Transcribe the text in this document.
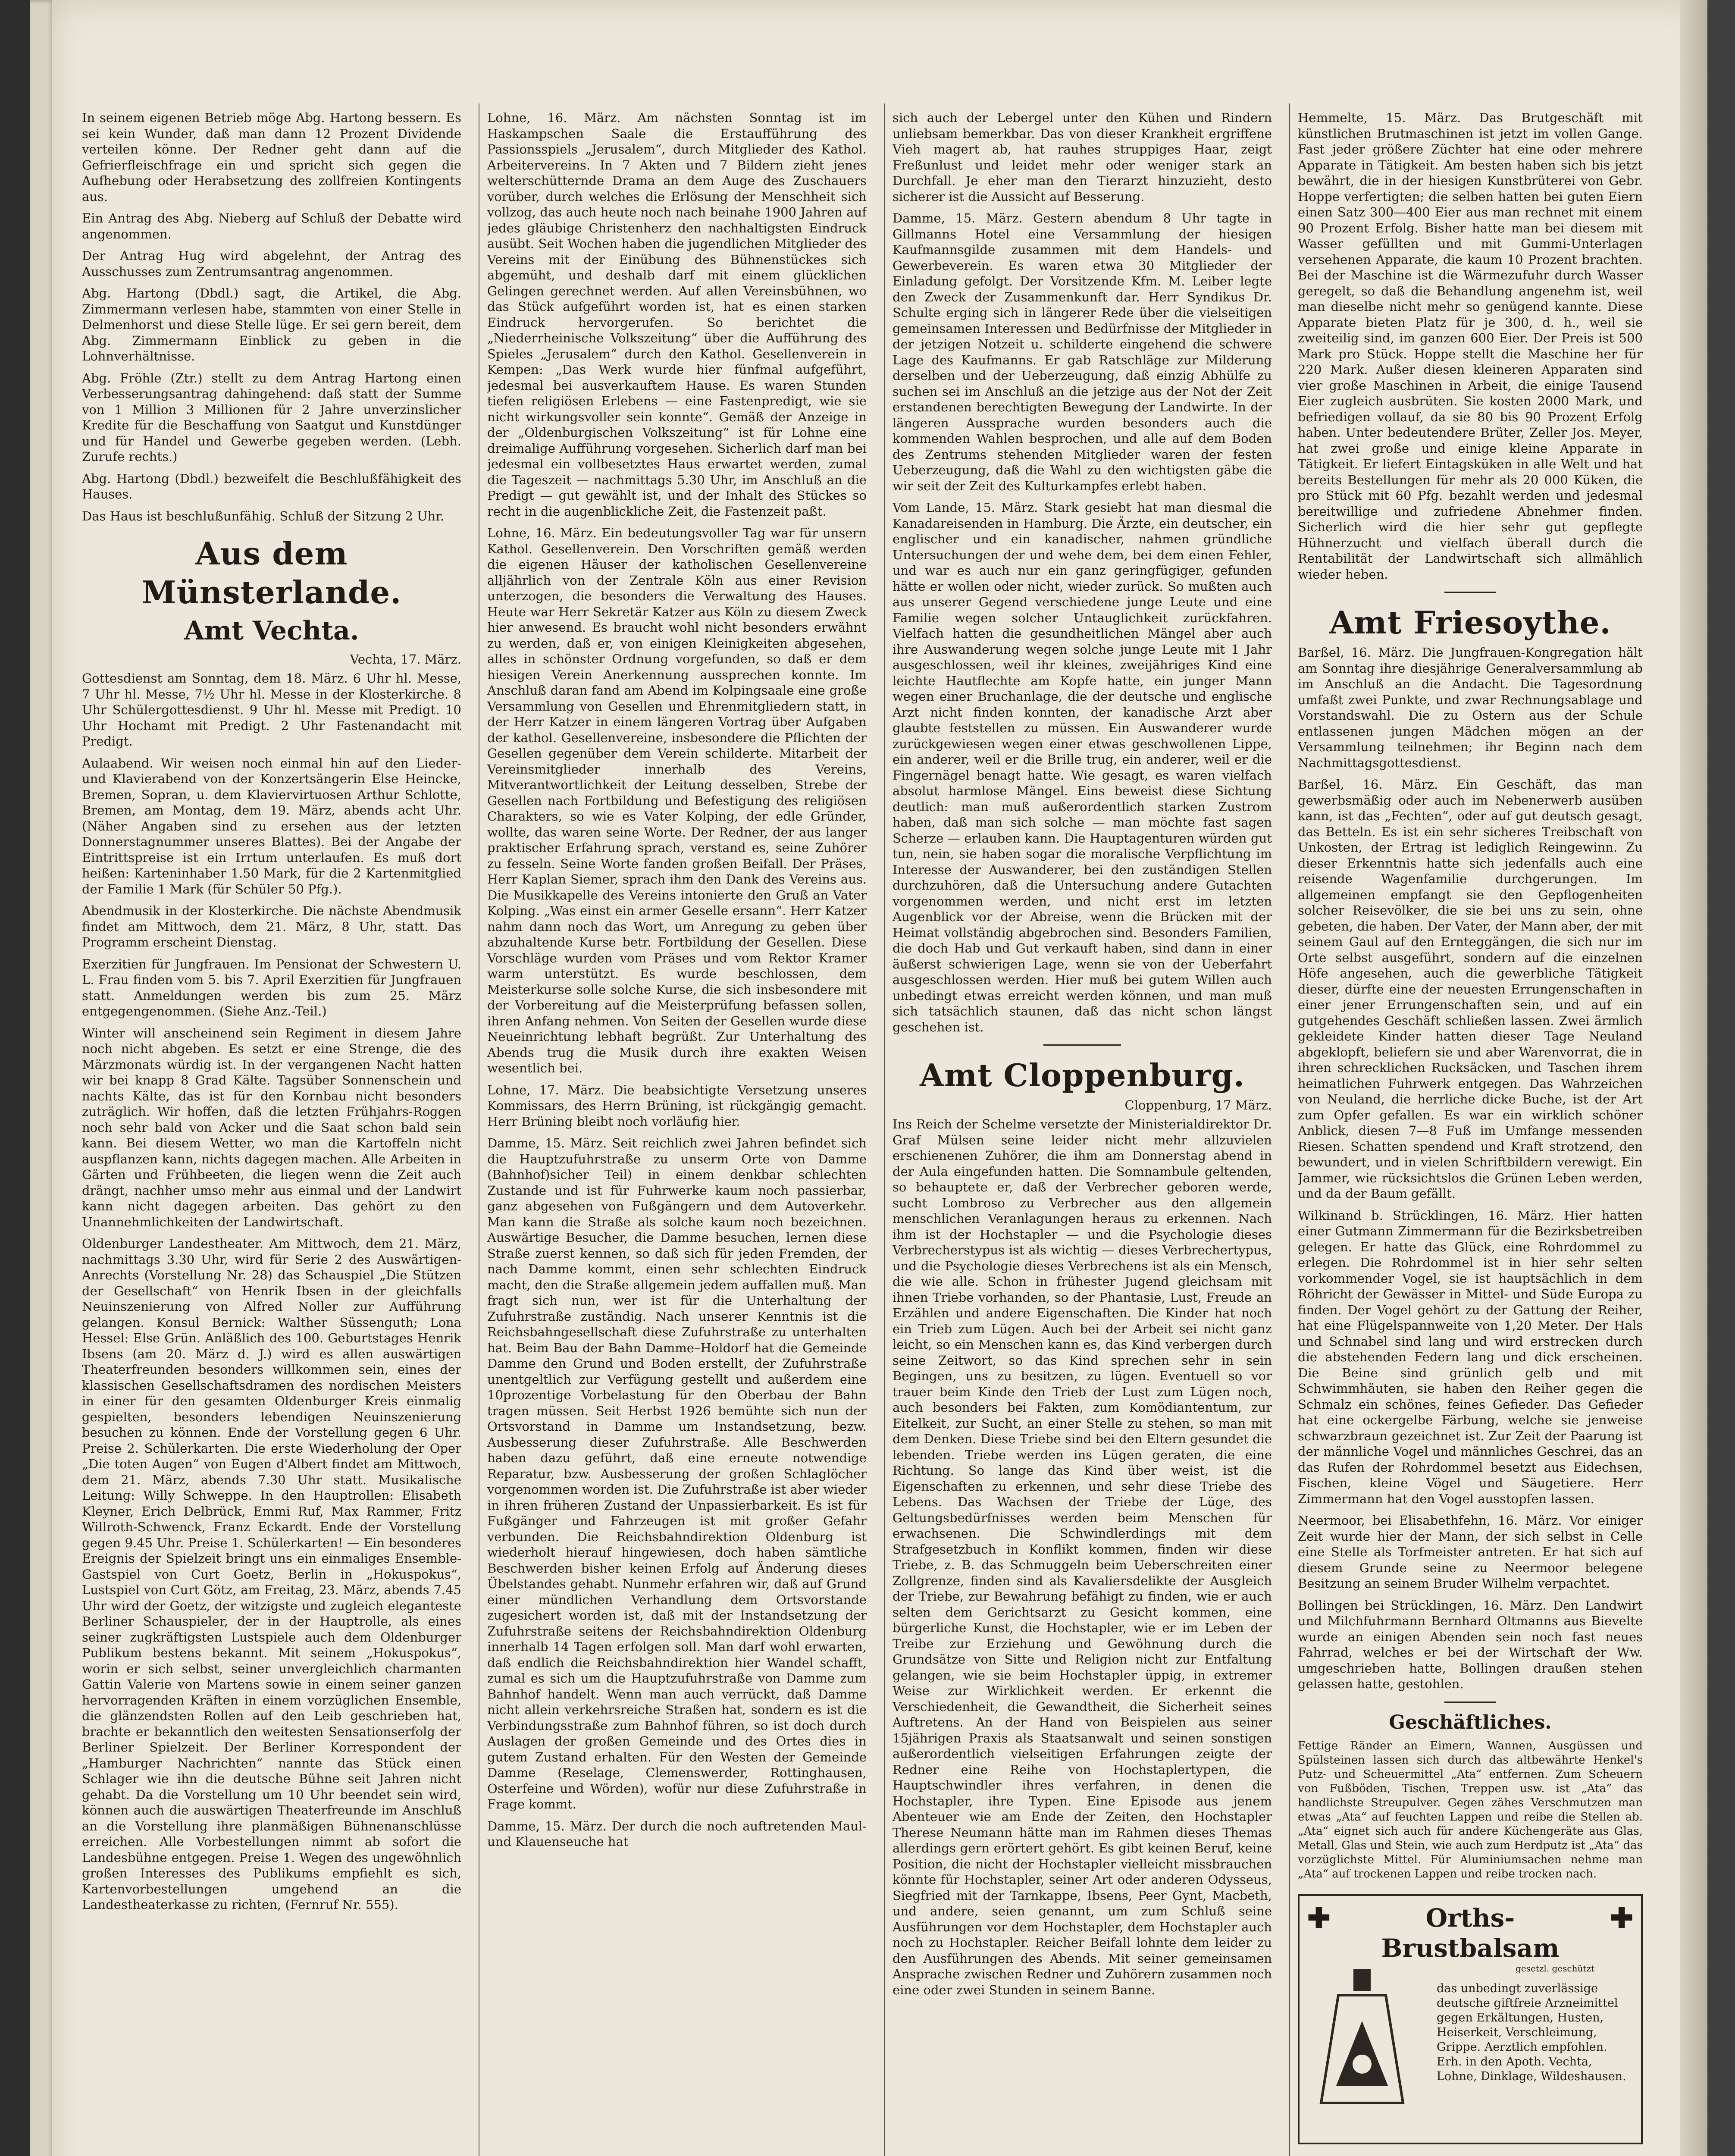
In seinem eigenen Betrieb möge Abg. Hartong bessern. Es sei kein Wunder, daß man dann 12 Prozent Dividende verteilen könne. Der Redner geht dann auf die Gefrierfleischfrage ein und spricht sich gegen die Aufhebung oder Herabsetzung des zollfreien Kontingents aus.

Ein Antrag des Abg. Nieberg auf Schluß der Debatte wird angenommen.

Der Antrag Hug wird abgelehnt, der Antrag des Ausschusses zum Zentrumsantrag angenommen.

Abg. Hartong (Dbdl.) sagt, die Artikel, die Abg. Zimmermann verlesen habe, stammten von einer Stelle in Delmenhorst und diese Stelle lüge. Er sei gern bereit, dem Abg. Zimmermann Einblick zu geben in die Lohnverhältnisse.

Abg. Fröhle (Ztr.) stellt zu dem Antrag Hartong einen Verbesserungsantrag dahingehend: daß statt der Summe von 1 Million 3 Millionen für 2 Jahre unverzinslicher Kredite für die Beschaffung von Saatgut und Kunstdünger und für Handel und Gewerbe gegeben werden. (Lebh. Zurufe rechts.)

Abg. Hartong (Dbdl.) bezweifelt die Beschlußfähigkeit des Hauses.

Das Haus ist beschlußunfähig. Schluß der Sitzung 2 Uhr.

Aus dem Münsterlande.
Amt Vechta.
Vechta, 17. März.

Gottesdienst am Sonntag, dem 18. März. 6 Uhr hl. Messe, 7 Uhr hl. Messe, 7½ Uhr hl. Messe in der Klosterkirche. 8 Uhr Schülergottesdienst. 9 Uhr hl. Messe mit Predigt. 10 Uhr Hochamt mit Predigt. 2 Uhr Fastenandacht mit Predigt.

Aulaabend. Wir weisen noch einmal hin auf den Lieder- und Klavierabend von der Konzertsängerin Else Heincke, Bremen, Sopran, u. dem Klaviervirtuosen Arthur Schlotte, Bremen, am Montag, dem 19. März, abends acht Uhr. (Näher Angaben sind zu ersehen aus der letzten Donnerstagnummer unseres Blattes). Bei der Angabe der Eintrittspreise ist ein Irrtum unterlaufen. Es muß dort heißen: Karteninhaber 1.50 Mark, für die 2 Kartenmitglied der Familie 1 Mark (für Schüler 50 Pfg.).

Abendmusik in der Klosterkirche. Die nächste Abendmusik findet am Mittwoch, dem 21. März, 8 Uhr, statt. Das Programm erscheint Dienstag.

Exerzitien für Jungfrauen. Im Pensionat der Schwestern U. L. Frau finden vom 5. bis 7. April Exerzitien für Jungfrauen statt. Anmeldungen werden bis zum 25. März entgegengenommen. (Siehe Anz.-Teil.)

Winter will anscheinend sein Regiment in diesem Jahre noch nicht abgeben. Es setzt er eine Strenge, die des Märzmonats würdig ist. In der vergangenen Nacht hatten wir bei knapp 8 Grad Kälte. Tagsüber Sonnenschein und nachts Kälte, das ist für den Kornbau nicht besonders zuträglich. Wir hoffen, daß die letzten Frühjahrs-Roggen noch sehr bald von Acker und die Saat schon bald sein kann. Bei diesem Wetter, wo man die Kartoffeln nicht auspflanzen kann, nichts dagegen machen. Alle Arbeiten in Gärten und Frühbeeten, die liegen wenn die Zeit auch drängt, nachher umso mehr aus einmal und der Landwirt kann nicht dagegen arbeiten. Das gehört zu den Unannehmlichkeiten der Landwirtschaft.

Oldenburger Landestheater. Am Mittwoch, dem 21. März, nachmittags 3.30 Uhr, wird für Serie 2 des Auswärtigen-Anrechts (Vorstellung Nr. 28) das Schauspiel „Die Stützen der Gesellschaft“ von Henrik Ibsen in der gleichfalls Neuinszenierung von Alfred Noller zur Aufführung gelangen. Konsul Bernick: Walther Süssenguth; Lona Hessel: Else Grün. Anläßlich des 100. Geburtstages Henrik Ibsens (am 20. März d. J.) wird es allen auswärtigen Theaterfreunden besonders willkommen sein, eines der klassischen Gesellschaftsdramen des nordischen Meisters in einer für den gesamten Oldenburger Kreis einmalig gespielten, besonders lebendigen Neuinszenierung besuchen zu können. Ende der Vorstellung gegen 6 Uhr. Preise 2. Schülerkarten. Die erste Wiederholung der Oper „Die toten Augen“ von Eugen d'Albert findet am Mittwoch, dem 21. März, abends 7.30 Uhr statt. Musikalische Leitung: Willy Schweppe. In den Hauptrollen: Elisabeth Kleyner, Erich Delbrück, Emmi Ruf, Max Rammer, Fritz Willroth-Schwenck, Franz Eckardt. Ende der Vorstellung gegen 9.45 Uhr. Preise 1. Schülerkarten! — Ein besonderes Ereignis der Spielzeit bringt uns ein einmaliges Ensemble-Gastspiel von Curt Goetz, Berlin in „Hokuspokus“, Lustspiel von Curt Götz, am Freitag, 23. März, abends 7.45 Uhr wird der Goetz, der witzigste und zugleich eleganteste Berliner Schauspieler, der in der Hauptrolle, als eines seiner zugkräftigsten Lustspiele auch dem Oldenburger Publikum bestens bekannt. Mit seinem „Hokuspokus“, worin er sich selbst, seiner unvergleichlich charmanten Gattin Valerie von Martens sowie in einem seiner ganzen hervorragenden Kräften in einem vorzüglichen Ensemble, die glänzendsten Rollen auf den Leib geschrieben hat, brachte er bekanntlich den weitesten Sensationserfolg der Berliner Spielzeit. Der Berliner Korrespondent der „Hamburger Nachrichten“ nannte das Stück einen Schlager wie ihn die deutsche Bühne seit Jahren nicht gehabt. Da die Vorstellung um 10 Uhr beendet sein wird, können auch die auswärtigen Theaterfreunde im Anschluß an die Vorstellung ihre planmäßigen Bühnenanschlüsse erreichen. Alle Vorbestellungen nimmt ab sofort die Landesbühne entgegen. Preise 1. Wegen des ungewöhnlich großen Interesses des Publikums empfiehlt es sich, Kartenvorbestellungen umgehend an die Landestheaterkasse zu richten, (Fernruf Nr. 555).

Lohne, 16. März. Am nächsten Sonntag ist im Haskampschen Saale die Erstaufführung des Passionsspiels „Jerusalem“, durch Mitglieder des Kathol. Arbeitervereins. In 7 Akten und 7 Bildern zieht jenes welterschütternde Drama an dem Auge des Zuschauers vorüber, durch welches die Erlösung der Menschheit sich vollzog, das auch heute noch nach beinahe 1900 Jahren auf jedes gläubige Christenherz den nachhaltigsten Eindruck ausübt. Seit Wochen haben die jugendlichen Mitglieder des Vereins mit der Einübung des Bühnenstückes sich abgemüht, und deshalb darf mit einem glücklichen Gelingen gerechnet werden. Auf allen Vereinsbühnen, wo das Stück aufgeführt worden ist, hat es einen starken Eindruck hervorgerufen. So berichtet die „Niederrheinische Volkszeitung“ über die Aufführung des Spieles „Jerusalem“ durch den Kathol. Gesellenverein in Kempen: „Das Werk wurde hier fünfmal aufgeführt, jedesmal bei ausverkauftem Hause. Es waren Stunden tiefen religiösen Erlebens — eine Fastenpredigt, wie sie nicht wirkungsvoller sein konnte“. Gemäß der Anzeige in der „Oldenburgischen Volkszeitung“ ist für Lohne eine dreimalige Aufführung vorgesehen. Sicherlich darf man bei jedesmal ein vollbesetztes Haus erwartet werden, zumal die Tageszeit — nachmittags 5.30 Uhr, im Anschluß an die Predigt — gut gewählt ist, und der Inhalt des Stückes so recht in die augenblickliche Zeit, die Fastenzeit paßt.

Lohne, 16. März. Ein bedeutungsvoller Tag war für unsern Kathol. Gesellenverein. Den Vorschriften gemäß werden die eigenen Häuser der katholischen Gesellenvereine alljährlich von der Zentrale Köln aus einer Revision unterzogen, die besonders die Verwaltung des Hauses. Heute war Herr Sekretär Katzer aus Köln zu diesem Zweck hier anwesend. Es braucht wohl nicht besonders erwähnt zu werden, daß er, von einigen Kleinigkeiten abgesehen, alles in schönster Ordnung vorgefunden, so daß er dem hiesigen Verein Anerkennung aussprechen konnte. Im Anschluß daran fand am Abend im Kolpingsaale eine große Versammlung von Gesellen und Ehrenmitgliedern statt, in der Herr Katzer in einem längeren Vortrag über Aufgaben der kathol. Gesellenvereine, insbesondere die Pflichten der Gesellen gegenüber dem Verein schilderte. Mitarbeit der Vereinsmitglieder innerhalb des Vereins, Mitverantwortlichkeit der Leitung desselben, Strebe der Gesellen nach Fortbildung und Befestigung des religiösen Charakters, so wie es Vater Kolping, der edle Gründer, wollte, das waren seine Worte. Der Redner, der aus langer praktischer Erfahrung sprach, verstand es, seine Zuhörer zu fesseln. Seine Worte fanden großen Beifall. Der Präses, Herr Kaplan Siemer, sprach ihm den Dank des Vereins aus. Die Musikkapelle des Vereins intonierte den Gruß an Vater Kolping. „Was einst ein armer Geselle ersann“. Herr Katzer nahm dann noch das Wort, um Anregung zu geben über abzuhaltende Kurse betr. Fortbildung der Gesellen. Diese Vorschläge wurden vom Präses und vom Rektor Kramer warm unterstützt. Es wurde beschlossen, dem Meisterkurse solle solche Kurse, die sich insbesondere mit der Vorbereitung auf die Meisterprüfung befassen sollen, ihren Anfang nehmen. Von Seiten der Gesellen wurde diese Neueinrichtung lebhaft begrüßt. Zur Unterhaltung des Abends trug die Musik durch ihre exakten Weisen wesentlich bei.

Lohne, 17. März. Die beabsichtigte Versetzung unseres Kommissars, des Herrn Brüning, ist rückgängig gemacht. Herr Brüning bleibt noch vorläufig hier.

Damme, 15. März. Seit reichlich zwei Jahren befindet sich die Hauptzufuhrstraße zu unserm Orte von Damme (Bahnhof)sicher Teil) in einem denkbar schlechten Zustande und ist für Fuhrwerke kaum noch passierbar, ganz abgesehen von Fußgängern und dem Autoverkehr. Man kann die Straße als solche kaum noch bezeichnen. Auswärtige Besucher, die Damme besuchen, lernen diese Straße zuerst kennen, so daß sich für jeden Fremden, der nach Damme kommt, einen sehr schlechten Eindruck macht, den die Straße allgemein jedem auffallen muß. Man fragt sich nun, wer ist für die Unterhaltung der Zufuhrstraße zuständig. Nach unserer Kenntnis ist die Reichsbahngesellschaft diese Zufuhrstraße zu unterhalten hat. Beim Bau der Bahn Damme–Holdorf hat die Gemeinde Damme den Grund und Boden erstellt, der Zufuhrstraße unentgeltlich zur Verfügung gestellt und außerdem eine 10prozentige Vorbelastung für den Oberbau der Bahn tragen müssen. Seit Herbst 1926 bemühte sich nun der Ortsvorstand in Damme um Instandsetzung, bezw. Ausbesserung dieser Zufuhrstraße. Alle Beschwerden haben dazu geführt, daß eine erneute notwendige Reparatur, bzw. Ausbesserung der großen Schlaglöcher vorgenommen worden ist. Die Zufuhrstraße ist aber wieder in ihren früheren Zustand der Unpassierbarkeit. Es ist für Fußgänger und Fahrzeugen ist mit großer Gefahr verbunden. Die Reichsbahndirektion Oldenburg ist wiederholt hierauf hingewiesen, doch haben sämtliche Beschwerden bisher keinen Erfolg auf Änderung dieses Übelstandes gehabt. Nunmehr erfahren wir, daß auf Grund einer mündlichen Verhandlung dem Ortsvorstande zugesichert worden ist, daß mit der Instandsetzung der Zufuhrstraße seitens der Reichsbahndirektion Oldenburg innerhalb 14 Tagen erfolgen soll. Man darf wohl erwarten, daß endlich die Reichsbahndirektion hier Wandel schafft, zumal es sich um die Hauptzufuhrstraße von Damme zum Bahnhof handelt. Wenn man auch verrückt, daß Damme nicht allein verkehrsreiche Straßen hat, sondern es ist die Verbindungsstraße zum Bahnhof führen, so ist doch durch Auslagen der großen Gemeinde und des Ortes dies in gutem Zustand erhalten. Für den Westen der Gemeinde Damme (Reselage, Clemenswerder, Rottinghausen, Osterfeine und Wörden), wofür nur diese Zufuhrstraße in Frage kommt.

Damme, 15. März. Der durch die noch auftretenden Maul- und Klauenseuche hat

sich auch der Lebergel unter den Kühen und Rindern unliebsam bemerkbar. Das von dieser Krankheit ergriffene Vieh magert ab, hat rauhes struppiges Haar, zeigt Freßunlust und leidet mehr oder weniger stark an Durchfall. Je eher man den Tierarzt hinzuzieht, desto sicherer ist die Aussicht auf Besserung.

Damme, 15. März. Gestern abendum 8 Uhr tagte in Gillmanns Hotel eine Versammlung der hiesigen Kaufmannsgilde zusammen mit dem Handels- und Gewerbeverein. Es waren etwa 30 Mitglieder der Einladung gefolgt. Der Vorsitzende Kfm. M. Leiber legte den Zweck der Zusammenkunft dar. Herr Syndikus Dr. Schulte erging sich in längerer Rede über die vielseitigen gemeinsamen Interessen und Bedürfnisse der Mitglieder in der jetzigen Notzeit u. schilderte eingehend die schwere Lage des Kaufmanns. Er gab Ratschläge zur Milderung derselben und der Ueberzeugung, daß einzig Abhülfe zu suchen sei im Anschluß an die jetzige aus der Not der Zeit erstandenen berechtigten Bewegung der Landwirte. In der längeren Aussprache wurden besonders auch die kommenden Wahlen besprochen, und alle auf dem Boden des Zentrums stehenden Mitglieder waren der festen Ueberzeugung, daß die Wahl zu den wichtigsten gäbe die wir seit der Zeit des Kulturkampfes erlebt haben.

Vom Lande, 15. März. Stark gesiebt hat man diesmal die Kanadareisenden in Hamburg. Die Ärzte, ein deutscher, ein englischer und ein kanadischer, nahmen gründliche Untersuchungen der und wehe dem, bei dem einen Fehler, und war es auch nur ein ganz geringfügiger, gefunden hätte er wollen oder nicht, wieder zurück. So mußten auch aus unserer Gegend verschiedene junge Leute und eine Familie wegen solcher Untauglichkeit zurückfahren. Vielfach hatten die gesundheitlichen Mängel aber auch ihre Auswanderung wegen solche junge Leute mit 1 Jahr ausgeschlossen, weil ihr kleines, zweijähriges Kind eine leichte Hautflechte am Kopfe hatte, ein junger Mann wegen einer Bruchanlage, die der deutsche und englische Arzt nicht finden konnten, der kanadische Arzt aber glaubte feststellen zu müssen. Ein Auswanderer wurde zurückgewiesen wegen einer etwas geschwollenen Lippe, ein anderer, weil er die Brille trug, ein anderer, weil er die Fingernägel benagt hatte. Wie gesagt, es waren vielfach absolut harmlose Mängel. Eins beweist diese Sichtung deutlich: man muß außerordentlich starken Zustrom haben, daß man sich solche — man möchte fast sagen Scherze — erlauben kann. Die Hauptagenturen würden gut tun, nein, sie haben sogar die moralische Verpflichtung im Interesse der Auswanderer, bei den zuständigen Stellen durchzuhören, daß die Untersuchung andere Gutachten vorgenommen werden, und nicht erst im letzten Augenblick vor der Abreise, wenn die Brücken mit der Heimat vollständig abgebrochen sind. Besonders Familien, die doch Hab und Gut verkauft haben, sind dann in einer äußerst schwierigen Lage, wenn sie von der Ueberfahrt ausgeschlossen werden. Hier muß bei gutem Willen auch unbedingt etwas erreicht werden können, und man muß sich tatsächlich staunen, daß das nicht schon längst geschehen ist.

Amt Cloppenburg.
Cloppenburg, 17 März.

Ins Reich der Schelme versetzte der Ministerialdirektor Dr. Graf Mülsen seine leider nicht mehr allzuvielen erschienenen Zuhörer, die ihm am Donnerstag abend in der Aula eingefunden hatten. Die Somnambule geltenden, so behauptete er, daß der Verbrecher geboren werde, sucht Lombroso zu Verbrecher aus den allgemein menschlichen Veranlagungen heraus zu erkennen. Nach ihm ist der Hochstapler — und die Psychologie dieses Verbrecherstypus ist als wichtig — dieses Verbrechertypus, und die Psychologie dieses Verbrechens ist als ein Mensch, die wie alle. Schon in frühester Jugend gleichsam mit ihnen Triebe vorhanden, so der Phantasie, Lust, Freude an Erzählen und andere Eigenschaften. Die Kinder hat noch ein Trieb zum Lügen. Auch bei der Arbeit sei nicht ganz leicht, so ein Menschen kann es, das Kind verbergen durch seine Zeitwort, so das Kind sprechen sehr in sein Begingen, uns zu besitzen, zu lügen. Eventuell so vor trauer beim Kinde den Trieb der Lust zum Lügen noch, auch besonders bei Fakten, zum Komödiantentum, zur Eitelkeit, zur Sucht, an einer Stelle zu stehen, so man mit dem Denken. Diese Triebe sind bei den Eltern gesundet die lebenden. Triebe werden ins Lügen geraten, die eine Richtung. So lange das Kind über weist, ist die Eigenschaften zu erkennen, und sehr diese Triebe des Lebens. Das Wachsen der Triebe der Lüge, des Geltungsbedürfnisses werden beim Menschen für erwachsenen. Die Schwindlerdings mit dem Strafgesetzbuch in Konflikt kommen, finden wir diese Triebe, z. B. das Schmuggeln beim Ueberschreiten einer Zollgrenze, finden sind als Kavaliersdelikte der Ausgleich der Triebe, zur Bewahrung befähigt zu finden, wie er auch selten dem Gerichtsarzt zu Gesicht kommen, eine bürgerliche Kunst, die Hochstapler, wie er im Leben der Treibe zur Erziehung und Gewöhnung durch die Grundsätze von Sitte und Religion nicht zur Entfaltung gelangen, wie sie beim Hochstapler üppig, in extremer Weise zur Wirklichkeit werden. Er erkennt die Verschiedenheit, die Gewandtheit, die Sicherheit seines Auftretens. An der Hand von Beispielen aus seiner 15jährigen Praxis als Staatsanwalt und seinen sonstigen außerordentlich vielseitigen Erfahrungen zeigte der Redner eine Reihe von Hochstaplertypen, die Hauptschwindler ihres verfahren, in denen die Hochstapler, ihre Typen. Eine Episode aus jenem Abenteuer wie am Ende der Zeiten, den Hochstapler Therese Neumann hätte man im Rahmen dieses Themas allerdings gern erörtert gehört. Es gibt keinen Beruf, keine Position, die nicht der Hochstapler vielleicht missbrauchen könnte für Hochstapler, seiner Art oder anderen Odysseus, Siegfried mit der Tarnkappe, Ibsens, Peer Gynt, Macbeth, und andere, seien genannt, um zum Schluß seine Ausführungen vor dem Hochstapler, dem Hochstapler auch noch zu Hochstapler. Reicher Beifall lohnte dem leider zu den Ausführungen des Abends. Mit seiner gemeinsamen Ansprache zwischen Redner und Zuhörern zusammen noch eine oder zwei Stunden in seinem Banne.

Hemmelte, 15. März. Das Brutgeschäft mit künstlichen Brutmaschinen ist jetzt im vollen Gange. Fast jeder größere Züchter hat eine oder mehrere Apparate in Tätigkeit. Am besten haben sich bis jetzt bewährt, die in der hiesigen Kunstbrüterei von Gebr. Hoppe verfertigten; die selben hatten bei guten Eiern einen Satz 300—400 Eier aus man rechnet mit einem 90 Prozent Erfolg. Bisher hatte man bei diesem mit Wasser gefüllten und mit Gummi-Unterlagen versehenen Apparate, die kaum 10 Prozent brachten. Bei der Maschine ist die Wärmezufuhr durch Wasser geregelt, so daß die Behandlung angenehm ist, weil man dieselbe nicht mehr so genügend kannte. Diese Apparate bieten Platz für je 300, d. h., weil sie zweiteilig sind, im ganzen 600 Eier. Der Preis ist 500 Mark pro Stück. Hoppe stellt die Maschine her für 220 Mark. Außer diesen kleineren Apparaten sind vier große Maschinen in Arbeit, die einige Tausend Eier zugleich ausbrüten. Sie kosten 2000 Mark, und befriedigen vollauf, da sie 80 bis 90 Prozent Erfolg haben. Unter bedeutendere Brüter, Zeller Jos. Meyer, hat zwei große und einige kleine Apparate in Tätigkeit. Er liefert Eintagsküken in alle Welt und hat bereits Bestellungen für mehr als 20 000 Küken, die pro Stück mit 60 Pfg. bezahlt werden und jedesmal bereitwillige und zufriedene Abnehmer finden. Sicherlich wird die hier sehr gut gepflegte Hühnerzucht und vielfach überall durch die Rentabilität der Landwirtschaft sich allmählich wieder heben.

Amt Friesoythe.

Barßel, 16. März. Die Jungfrauen-Kongregation hält am Sonntag ihre diesjährige Generalversammlung ab im Anschluß an die Andacht. Die Tagesordnung umfaßt zwei Punkte, und zwar Rechnungsablage und Vorstandswahl. Die zu Ostern aus der Schule entlassenen jungen Mädchen mögen an der Versammlung teilnehmen; ihr Beginn nach dem Nachmittagsgottesdienst.

Barßel, 16. März. Ein Geschäft, das man gewerbsmäßig oder auch im Nebenerwerb ausüben kann, ist das „Fechten“, oder auf gut deutsch gesagt, das Betteln. Es ist ein sehr sicheres Treibschaft von Unkosten, der Ertrag ist lediglich Reingewinn. Zu dieser Erkenntnis hatte sich jedenfalls auch eine reisende Wagenfamilie durchgerungen. Im allgemeinen empfangt sie den Gepflogenheiten solcher Reisevölker, die sie bei uns zu sein, ohne gebeten, die haben. Der Vater, der Mann aber, der mit seinem Gaul auf den Ernteggängen, die sich nur im Orte selbst ausgeführt, sondern auf die einzelnen Höfe angesehen, auch die gewerbliche Tätigkeit dieser, dürfte eine der neuesten Errungenschaften in einer jener Errungenschaften sein, und auf ein gutgehendes Geschäft schließen lassen. Zwei ärmlich gekleidete Kinder hatten dieser Tage Neuland abgeklopft, beliefern sie und aber Warenvorrat, die in ihren schrecklichen Rucksäcken, und Taschen ihrem heimatlichen Fuhrwerk entgegen. Das Wahrzeichen von Neuland, die herrliche dicke Buche, ist der Art zum Opfer gefallen. Es war ein wirklich schöner Anblick, diesen 7—8 Fuß im Umfange messenden Riesen. Schatten spendend und Kraft strotzend, den bewundert, und in vielen Schriftbildern verewigt. Ein Jammer, wie rücksichtslos die Grünen Leben werden, und da der Baum gefällt.

Wilkinand b. Strücklingen, 16. März. Hier hatten einer Gutmann Zimmermann für die Bezirksbetreiben gelegen. Er hatte das Glück, eine Rohrdommel zu erlegen. Die Rohrdommel ist in hier sehr selten vorkommender Vogel, sie ist hauptsächlich in dem Röhricht der Gewässer in Mittel- und Süde Europa zu finden. Der Vogel gehört zu der Gattung der Reiher, hat eine Flügelspannweite von 1,20 Meter. Der Hals und Schnabel sind lang und wird erstrecken durch die abstehenden Federn lang und dick erscheinen. Die Beine sind grünlich gelb und mit Schwimmhäuten, sie haben den Reiher gegen die Schmalz ein schönes, feines Gefieder. Das Gefieder hat eine ockergelbe Färbung, welche sie jenweise schwarzbraun gezeichnet ist. Zur Zeit der Paarung ist der männliche Vogel und männliches Geschrei, das an das Rufen der Rohrdommel besetzt aus Eidechsen, Fischen, kleine Vögel und Säugetiere. Herr Zimmermann hat den Vogel ausstopfen lassen.

Neermoor, bei Elisabethfehn, 16. März. Vor einiger Zeit wurde hier der Mann, der sich selbst in Celle eine Stelle als Torfmeister antreten. Er hat sich auf diesem Grunde seine zu Neermoor belegene Besitzung an seinem Bruder Wilhelm verpachtet.

Bollingen bei Strücklingen, 16. März. Den Landwirt und Milchfuhrmann Bernhard Oltmanns aus Bievelte wurde an einigen Abenden sein noch fast neues Fahrrad, welches er bei der Wirtschaft der Ww. umgeschrieben hatte, Bollingen draußen stehen gelassen hatte, gestohlen.

Geschäftliches.

Fettige Ränder an Eimern, Wannen, Ausgüssen und Spülsteinen lassen sich durch das altbewährte Henkel's Putz- und Scheuermittel „Ata“ entfernen. Zum Scheuern von Fußböden, Tischen, Treppen usw. ist „Ata“ das handlichste Streupulver. Gegen zähes Verschmutzen man etwas „Ata“ auf feuchten Lappen und reibe die Stellen ab. „Ata“ eignet sich auch für andere Küchengeräte aus Glas, Metall, Glas und Stein, wie auch zum Herdputz ist „Ata“ das vorzüglichste Mittel. Für Aluminiumsachen nehme man „Ata“ auf trockenen Lappen und reibe trocken nach.

✚	✚
Orths-Brustbalsam
gesetzl. geschützt
das unbedingt zuverlässige deutsche giftfreie Arzneimittel gegen Erkältungen, Husten, Heiserkeit, Verschleimung, Grippe. Aerztlich empfohlen. Erh. in den Apoth. Vechta, Lohne, Dinklage, Wildeshausen.
